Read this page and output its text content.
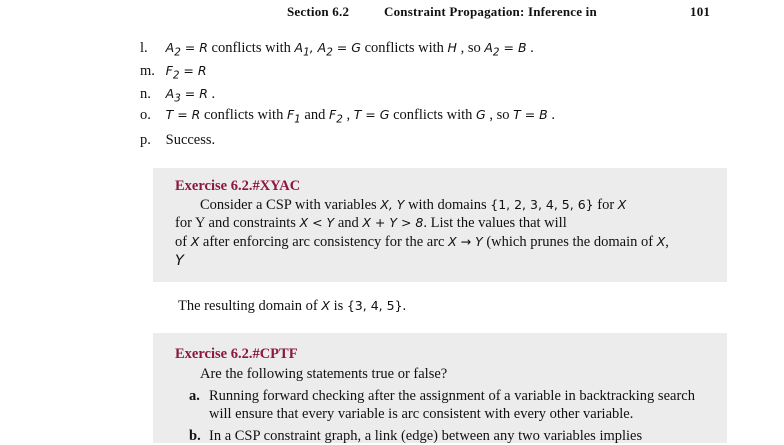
Section 6.2	Constraint Propagation: Inference in	101
l. $A_2 = R$ conflicts with $A_1$, $A_2 = G$ conflicts with H , so $A_2 = B$ .
m. $F_2 = R$
n. $A_3 = R$ .
o. T = R conflicts with $F_1$ and $F_2$ , T = G conflicts with G , so T = B .
p. Success.
Exercise 6.2.#XYAC
Consider a CSP with variables X, Y with domains {1, 2, 3, 4, 5, 6} for X
for Y and constraints X < Y and X + Y > 8. List the values that will
of X after enforcing arc consistency for the arc X → Y (which prunes the domain of X,
Y
The resulting domain of X is {3, 4, 5}.
Exercise 6.2.#CPTF
Are the following statements true or false?
a. Running forward checking after the assignment of a variable in backtracking search
will ensure that every variable is arc consistent with every other variable.
b. In a CSP constraint graph, a link (edge) between any two variables implies
